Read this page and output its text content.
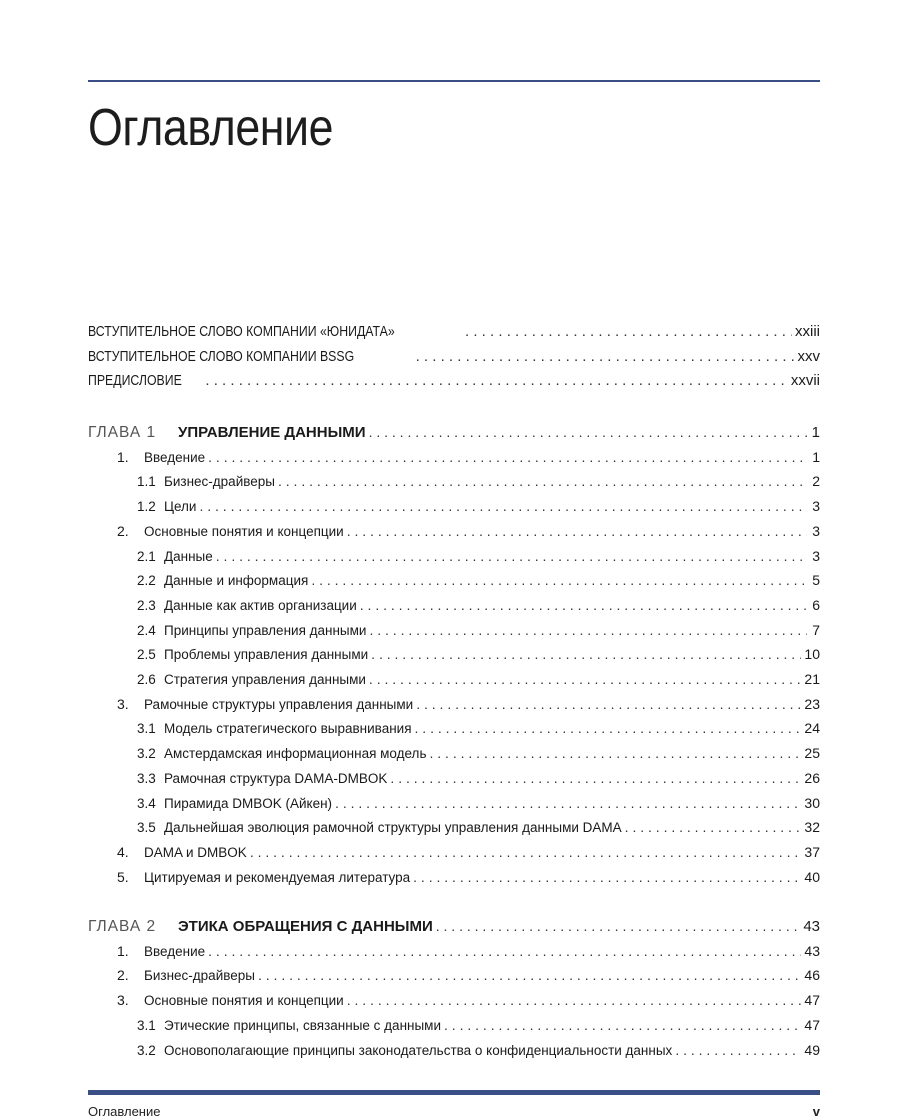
Оглавление
ВСТУПИТЕЛЬНОЕ СЛОВО КОМПАНИИ «ЮНИДАТА» . . .	xxiii
ВСТУПИТЕЛЬНОЕ СЛОВО КОМПАНИИ BSSG . . .	xxv
ПРЕДИСЛОВИЕ . . .	xxvii
ГЛАВА 1	УПРАВЛЕНИЕ ДАННЫМИ . . .	1
1.	Введение . . .	1
1.1 Бизнес-драйверы . . .	2
1.2 Цели . . .	3
2.	Основные понятия и концепции . . .	3
2.1 Данные . . .	3
2.2 Данные и информация . . .	5
2.3 Данные как актив организации . . .	6
2.4 Принципы управления данными . . .	7
2.5 Проблемы управления данными . . .	10
2.6 Стратегия управления данными . . .	21
3.	Рамочные структуры управления данными . . .	23
3.1 Модель стратегического выравнивания . . .	24
3.2 Амстердамская информационная модель . . .	25
3.3 Рамочная структура DAMA-DMBOK . . .	26
3.4 Пирамида DMBOK (Айкен) . . .	30
3.5 Дальнейшая эволюция рамочной структуры управления данными DAMA . . .	32
4.	DAMA и DMBOK . . .	37
5.	Цитируемая и рекомендуемая литература . . .	40
ГЛАВА 2	ЭТИКА ОБРАЩЕНИЯ С ДАННЫМИ . . .	43
1.	Введение . . .	43
2.	Бизнес-драйверы . . .	46
3.	Основные понятия и концепции . . .	47
3.1 Этические принципы, связанные с данными . . .	47
3.2 Основополагающие принципы законодательства о конфиденциальности данных . . .	49
Оглавление	v
